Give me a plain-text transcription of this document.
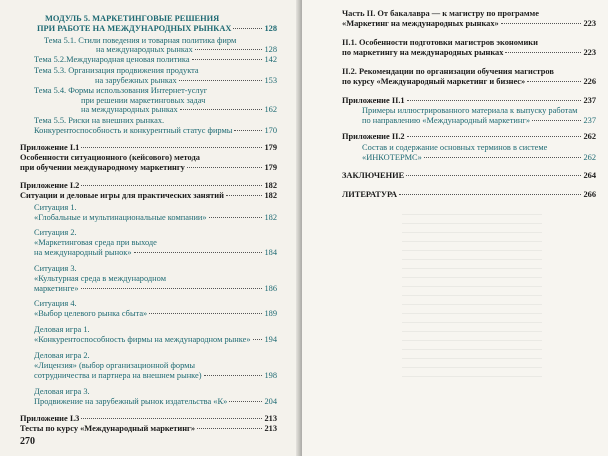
МОДУЛЬ 5. МАРКЕТИНГОВЫЕ РЕШЕНИЯ
ПРИ РАБОТЕ НА МЕЖДУНАРОДНЫХ РЫНКАХ	128
Тема 5.1. Стили поведения и товарная политика фирм
на международных рынках	128
Тема 5.2.Международная ценовая политика	142
Тема 5.3. Организация продвижения продукта
на зарубежных рынках	153
Тема 5.4. Формы использования Интернет-услуг
при решении маркетинговых задач
на международных рынках	162
Тема 5.5. Риски на внешних рынках.
Конкурентоспособность и конкурентный статус фирмы	170
Приложение I.1	179
Особенности ситуационного (кейсового) метода
при обучении международному маркетингу	179
Приложение I.2	182
Ситуации и деловые игры для практических занятий	182
Ситуация 1.
«Глобальные и мультинациональные компании»	182
Ситуация 2.
«Маркетинговая среда при выходе
на международный рынок»	184
Ситуация 3.
«Культурная среда в международном
маркетинге»	186
Ситуация 4.
«Выбор целевого рынка сбыта»	189
Деловая игра 1.
«Конкурентоспособность фирмы на международном рынке» 194
Деловая игра 2.
«Лицензия» (выбор организационной формы
сотрудничества и партнера на внешнем рынке)	198
Деловая игра 3.
Продвижение на зарубежный рынок издательства «К»	204
Приложение I.3	213
Тесты по курсу «Международный маркетинг»	213
270
Часть II. От бакалавра — к магистру по программе
«Маркетинг на международных рынках»	223
II.1. Особенности подготовки магистров экономики
по маркетингу на международных рынках	223
II.2. Рекомендации по организации обучения магистров
по курсу «Международный маркетинг и бизнес»	226
Приложение II.1	237
Примеры иллюстрированного материала к выпуску работам
по направлению «Международный маркетинг»	237
Приложение II.2	262
Состав и содержание основных терминов в системе
«ИНКОТЕРМС»	262
ЗАКЛЮЧЕНИЕ	264
ЛИТЕРАТУРА	266
